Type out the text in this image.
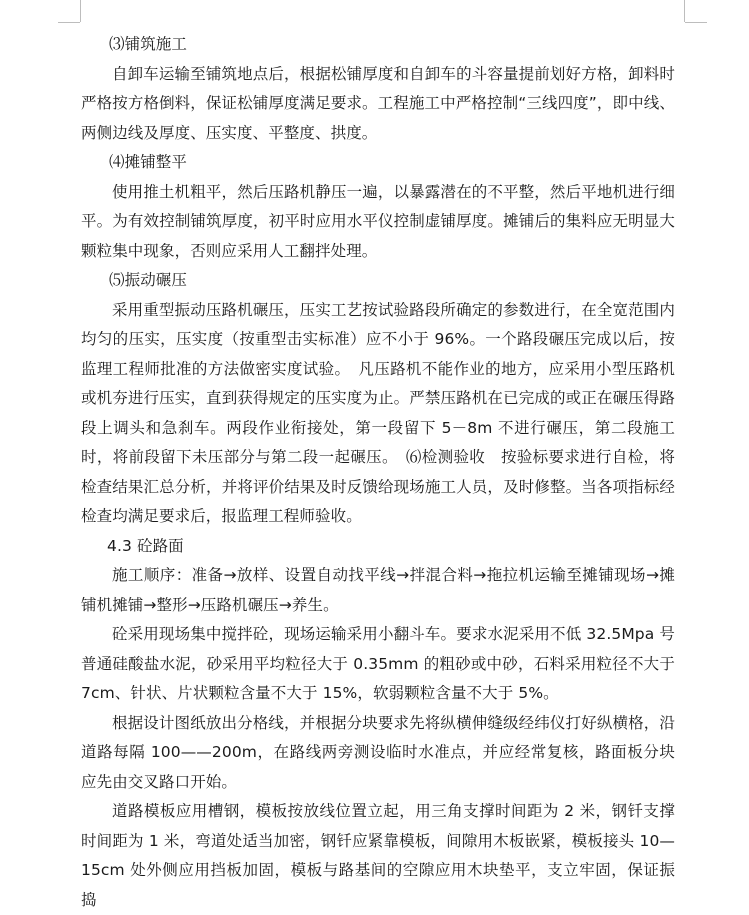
⑶铺筑施工

自卸车运输至铺筑地点后，根据松铺厚度和自卸车的斗容量提前划好方格，卸料时严格按方格倒料，保证松铺厚度满足要求。工程施工中严格控制“三线四度”，即中线、两侧边线及厚度、压实度、平整度、拱度。

⑷摊铺整平

使用推土机粗平，然后压路机静压一遍，以暴露潜在的不平整，然后平地机进行细平。为有效控制铺筑厚度，初平时应用水平仪控制虚铺厚度。摊铺后的集料应无明显大颗粒集中现象，否则应采用人工翻拌处理。

⑸振动碾压

采用重型振动压路机碾压，压实工艺按试验路段所确定的参数进行，在全宽范围内均匀的压实，压实度（按重型击实标准）应不小于 96%。一个路段碾压完成以后，按监理工程师批准的方法做密实度试验。　凡压路机不能作业的地方，应采用小型压路机或机夯进行压实，直到获得规定的压实度为止。严禁压路机在已完成的或正在碾压得路段上调头和急刹车。两段作业衔接处，第一段留下 5－8m 不进行碾压，第二段施工时，将前段留下未压部分与第二段一起碾压。　⑹检测验收　按验标要求进行自检，将检查结果汇总分析，并将评价结果及时反馈给现场施工人员，及时修整。当各项指标经检查均满足要求后，报监理工程师验收。

4.3 砼路面

施工顺序：准备→放样、设置自动找平线→拌混合料→拖拉机运输至摊铺现场→摊铺机摊铺→整形→压路机碾压→养生。

砼采用现场集中搅拌砼，现场运输采用小翻斗车。要求水泥采用不低 32.5Mpa 号普通硅酸盐水泥，砂采用平均粒径大于 0.35mm 的粗砂或中砂，石料采用粒径不大于 7cm、针状、片状颗粒含量不大于 15%，软弱颗粒含量不大于 5%。

根据设计图纸放出分格线，并根据分块要求先将纵横伸缝级经纬仪打好纵横格，沿道路每隔 100——200m，在路线两旁测设临时水准点，并应经常复核，路面板分块应先由交叉路口开始。

道路模板应用槽钢，模板按放线位置立起，用三角支撑时间距为 2 米，钢钎支撑时间距为 1 米，弯道处适当加密，钢钎应紧靠模板，间隙用木板嵌紧，模板接头 10—15cm 处外侧应用挡板加固，模板与路基间的空隙应用木块垫平，支立牢固，保证振捣
